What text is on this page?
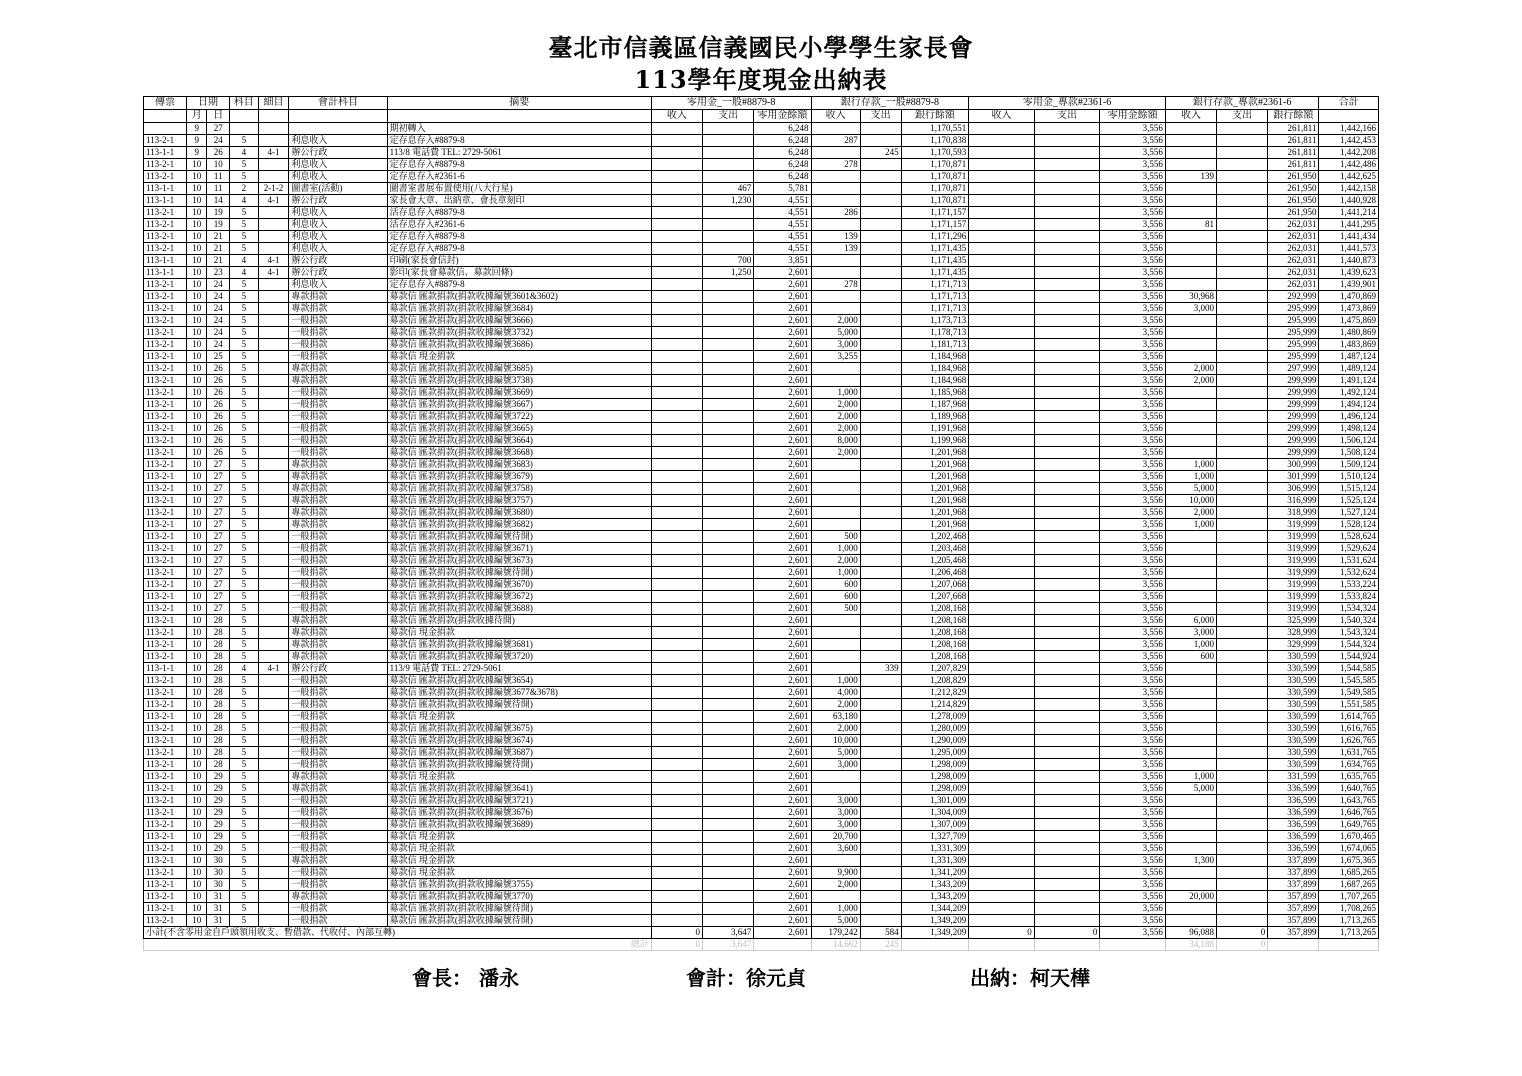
臺北市信義區信義國民小學學生家長會
113學年度現金出納表
傳票	日期		科目	細目	會計科目	摘要	零用金_一般#8879-8			銀行存款_一般#8879-8			零用金_專款#2361-6			銀行存款_專款#2361-6			合計
	月	日					收入	支出	零用金餘額	收入	支出	銀行餘額	收入	支出	零用金餘額	收入	支出	銀行餘額	
	9	27				期初轉入			6,248			1,170,551			3,556			261,811	1,442,166
113-2-1	9	24	5		利息收入	定存息存入#8879-8			6,248	287		1,170,838			3,556			261,811	1,442,453
113-1-1	9	26	4	4-1	辦公行政	113/8 電話費 TEL: 2729-5061			6,248		245	1,170,593			3,556			261,811	1,442,208
113-2-1	10	10	5		利息收入	定存息存入#8879-8			6,248	278		1,170,871			3,556			261,811	1,442,486
113-2-1	10	11	5		利息收入	定存息存入#2361-6			6,248			1,170,871			3,556	139		261,950	1,442,625
113-1-1	10	11	2	2-1-2	圖書室(活動)	圖書室書展布置使用(八大行星)		467	5,781			1,170,871			3,556			261,950	1,442,158
113-1-1	10	14	4	4-1	辦公行政	家長會大章、出納章、會長章刻印		1,230	4,551			1,170,871			3,556			261,950	1,440,928
113-2-1	10	19	5		利息收入	活存息存入#8879-8			4,551	286		1,171,157			3,556			261,950	1,441,214
113-2-1	10	19	5		利息收入	活存息存入#2361-6			4,551			1,171,157			3,556	81		262,031	1,441,295
113-2-1	10	21	5		利息收入	定存息存入#8879-8			4,551	139		1,171,296			3,556			262,031	1,441,434
113-2-1	10	21	5		利息收入	定存息存入#8879-8			4,551	139		1,171,435			3,556			262,031	1,441,573
113-1-1	10	21	4	4-1	辦公行政	印刷(家長會信封)		700	3,851			1,171,435			3,556			262,031	1,440,873
113-1-1	10	23	4	4-1	辦公行政	影印(家長會募款信、募款回條)		1,250	2,601			1,171,435			3,556			262,031	1,439,623
113-2-1	10	24	5		利息收入	定存息存入#8879-8			2,601	278		1,171,713			3,556			262,031	1,439,901
113-2-1	10	24	5		專款捐款	募款信 匯款捐款(捐款收據編號3601&3602)			2,601			1,171,713			3,556	30,968		292,999	1,470,869
113-2-1	10	24	5		專款捐款	募款信 匯款捐款(捐款收據編號3684)			2,601			1,171,713			3,556	3,000		295,999	1,473,869
113-2-1	10	24	5		一般捐款	募款信 匯款捐款(捐款收據編號3666)			2,601	2,000		1,173,713			3,556			295,999	1,475,869
113-2-1	10	24	5		一般捐款	募款信 匯款捐款(捐款收據編號3732)			2,601	5,000		1,178,713			3,556			295,999	1,480,869
113-2-1	10	24	5		一般捐款	募款信 匯款捐款(捐款收據編號3686)			2,601	3,000		1,181,713			3,556			295,999	1,483,869
113-2-1	10	25	5		一般捐款	募款信 現金捐款			2,601	3,255		1,184,968			3,556			295,999	1,487,124
113-2-1	10	26	5		專款捐款	募款信 匯款捐款(捐款收據編號3685)			2,601			1,184,968			3,556	2,000		297,999	1,489,124
113-2-1	10	26	5		專款捐款	募款信 匯款捐款(捐款收據編號3738)			2,601			1,184,968			3,556	2,000		299,999	1,491,124
113-2-1	10	26	5		一般捐款	募款信 匯款捐款(捐款收據編號3669)			2,601	1,000		1,185,968			3,556			299,999	1,492,124
113-2-1	10	26	5		一般捐款	募款信 匯款捐款(捐款收據編號3667)			2,601	2,000		1,187,968			3,556			299,999	1,494,124
113-2-1	10	26	5		一般捐款	募款信 匯款捐款(捐款收據編號3722)			2,601	2,000		1,189,968			3,556			299,999	1,496,124
113-2-1	10	26	5		一般捐款	募款信 匯款捐款(捐款收據編號3665)			2,601	2,000		1,191,968			3,556			299,999	1,498,124
113-2-1	10	26	5		一般捐款	募款信 匯款捐款(捐款收據編號3664)			2,601	8,000		1,199,968			3,556			299,999	1,506,124
113-2-1	10	26	5		一般捐款	募款信 匯款捐款(捐款收據編號3668)			2,601	2,000		1,201,968			3,556			299,999	1,508,124
113-2-1	10	27	5		專款捐款	募款信 匯款捐款(捐款收據編號3683)			2,601			1,201,968			3,556	1,000		300,999	1,509,124
113-2-1	10	27	5		專款捐款	募款信 匯款捐款(捐款收據編號3679)			2,601			1,201,968			3,556	1,000		301,999	1,510,124
113-2-1	10	27	5		專款捐款	募款信 匯款捐款(捐款收據編號3758)			2,601			1,201,968			3,556	5,000		306,999	1,515,124
113-2-1	10	27	5		專款捐款	募款信 匯款捐款(捐款收據編號3757)			2,601			1,201,968			3,556	10,000		316,999	1,525,124
113-2-1	10	27	5		專款捐款	募款信 匯款捐款(捐款收據編號3680)			2,601			1,201,968			3,556	2,000		318,999	1,527,124
113-2-1	10	27	5		專款捐款	募款信 匯款捐款(捐款收據編號3682)			2,601			1,201,968			3,556	1,000		319,999	1,528,124
113-2-1	10	27	5		一般捐款	募款信 匯款捐款(捐款收據編號待開)			2,601	500		1,202,468			3,556			319,999	1,528,624
113-2-1	10	27	5		一般捐款	募款信 匯款捐款(捐款收據編號3671)			2,601	1,000		1,203,468			3,556			319,999	1,529,624
113-2-1	10	27	5		一般捐款	募款信 匯款捐款(捐款收據編號3673)			2,601	2,000		1,205,468			3,556			319,999	1,531,624
113-2-1	10	27	5		一般捐款	募款信 匯款捐款(捐款收據編號待開)			2,601	1,000		1,206,468			3,556			319,999	1,532,624
113-2-1	10	27	5		一般捐款	募款信 匯款捐款(捐款收據編號3670)			2,601	600		1,207,068			3,556			319,999	1,533,224
113-2-1	10	27	5		一般捐款	募款信 匯款捐款(捐款收據編號3672)			2,601	600		1,207,668			3,556			319,999	1,533,824
113-2-1	10	27	5		一般捐款	募款信 匯款捐款(捐款收據編號3688)			2,601	500		1,208,168			3,556			319,999	1,534,324
113-2-1	10	28	5		專款捐款	募款信 匯款捐款(捐款收據待開)			2,601			1,208,168			3,556	6,000		325,999	1,540,324
113-2-1	10	28	5		專款捐款	募款信 現金捐款			2,601			1,208,168			3,556	3,000		328,999	1,543,324
113-2-1	10	28	5		專款捐款	募款信 匯款捐款(捐款收據編號3681)			2,601			1,208,168			3,556	1,000		329,999	1,544,324
113-2-1	10	28	5		專款捐款	募款信 匯款捐款(捐款收據編號3720)			2,601			1,208,168			3,556	600		330,599	1,544,924
113-1-1	10	28	4	4-1	辦公行政	113/9 電話費 TEL: 2729-5061			2,601		339	1,207,829			3,556			330,599	1,544,585
113-2-1	10	28	5		一般捐款	募款信 匯款捐款(捐款收據編號3654)			2,601	1,000		1,208,829			3,556			330,599	1,545,585
113-2-1	10	28	5		一般捐款	募款信 匯款捐款(捐款收據編號3677&3678)			2,601	4,000		1,212,829			3,556			330,599	1,549,585
113-2-1	10	28	5		一般捐款	募款信 匯款捐款(捐款收據編號待開)			2,601	2,000		1,214,829			3,556			330,599	1,551,585
113-2-1	10	28	5		一般捐款	募款信 現金捐款			2,601	63,180		1,278,009			3,556			330,599	1,614,765
113-2-1	10	28	5		一般捐款	募款信 匯款捐款(捐款收據編號3675)			2,601	2,000		1,280,009			3,556			330,599	1,616,765
113-2-1	10	28	5		一般捐款	募款信 匯款捐款(捐款收據編號3674)			2,601	10,000		1,290,009			3,556			330,599	1,626,765
113-2-1	10	28	5		一般捐款	募款信 匯款捐款(捐款收據編號3687)			2,601	5,000		1,295,009			3,556			330,599	1,631,765
113-2-1	10	28	5		一般捐款	募款信 匯款捐款(捐款收據編號待開)			2,601	3,000		1,298,009			3,556			330,599	1,634,765
113-2-1	10	29	5		專款捐款	募款信 現金捐款			2,601			1,298,009			3,556	1,000		331,599	1,635,765
113-2-1	10	29	5		專款捐款	募款信 匯款捐款(捐款收據編號3641)			2,601			1,298,009			3,556	5,000		336,599	1,640,765
113-2-1	10	29	5		一般捐款	募款信 匯款捐款(捐款收據編號3721)			2,601	3,000		1,301,009			3,556			336,599	1,643,765
113-2-1	10	29	5		一般捐款	募款信 匯款捐款(捐款收據編號3676)			2,601	3,000		1,304,009			3,556			336,599	1,646,765
113-2-1	10	29	5		一般捐款	募款信 匯款捐款(捐款收據編號3689)			2,601	3,000		1,307,009			3,556			336,599	1,649,765
113-2-1	10	29	5		一般捐款	募款信 現金捐款			2,601	20,700		1,327,709			3,556			336,599	1,670,465
113-2-1	10	29	5		一般捐款	募款信 現金捐款			2,601	3,600		1,331,309			3,556			336,599	1,674,065
113-2-1	10	30	5		專款捐款	募款信 現金捐款			2,601			1,331,309			3,556	1,300		337,899	1,675,365
113-2-1	10	30	5		一般捐款	募款信 現金捐款			2,601	9,900		1,341,209			3,556			337,899	1,685,265
113-2-1	10	30	5		一般捐款	募款信 匯款捐款(捐款收據編號3755)			2,601	2,000		1,343,209			3,556			337,899	1,687,265
113-2-1	10	31	5		專款捐款	募款信 匯款捐款(捐款收據編號3770)			2,601			1,343,209			3,556	20,000		357,899	1,707,265
113-2-1	10	31	5		一般捐款	募款信 匯款捐款(捐款收據編號待開)			2,601	1,000		1,344,209			3,556			357,899	1,708,265
113-2-1	10	31	5		一般捐款	募款信 匯款捐款(捐款收據編號待開)			2,601	5,000		1,349,209			3,556			357,899	1,713,265
小計(不含零用金自戶頭領用收支、暫借款、代收付、內部互轉)							0	3,647	2,601	179,242	584	1,349,209	0	0	3,556	96,088	0	357,899	1,713,265
總計							0	3,647		14,662	245					34,188	0		
會長： 潘永	會計：徐元貞	出納：柯天樺
